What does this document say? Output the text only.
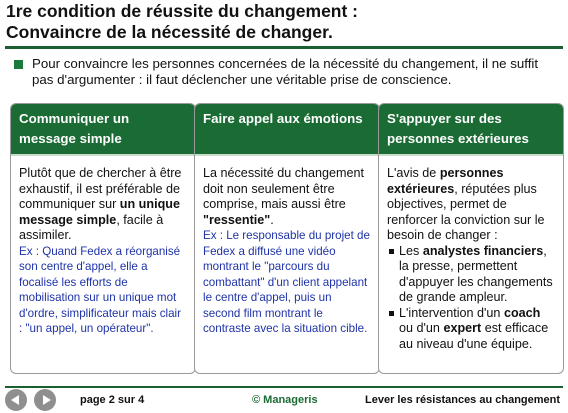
1re condition de réussite du changement :
Convaincre de la nécessité de changer.
Pour convaincre les personnes concernées de la nécessité du changement, il ne suffit pas d'argumenter : il faut déclencher une véritable prise de conscience.
Communiquer un message simple
Plutôt que de chercher à être exhaustif, il est préférable de communiquer sur un unique message simple, facile à assimiler.
Ex : Quand Fedex a réorganisé son centre d'appel, elle a focalisé les efforts de mobilisation sur un unique mot d'ordre, simplificateur mais clair : "un appel, un opérateur".
Faire appel aux émotions
La nécessité du changement doit non seulement être comprise, mais aussi être "ressentie".
Ex : Le responsable du projet de Fedex a diffusé une vidéo montrant le "parcours du combattant" d'un client appelant le centre d'appel, puis un second film montrant le contraste avec la situation cible.
S'appuyer sur des personnes extérieures
L'avis de personnes extérieures, réputées plus objectives, permet de renforcer la conviction sur le besoin de changer :
Les analystes financiers, la presse, permettent d'appuyer les changements de grande ampleur.
L'intervention d'un coach ou d'un expert est efficace au niveau d'une équipe.
page 2 sur 4	© Manageris	Lever les résistances au changement
